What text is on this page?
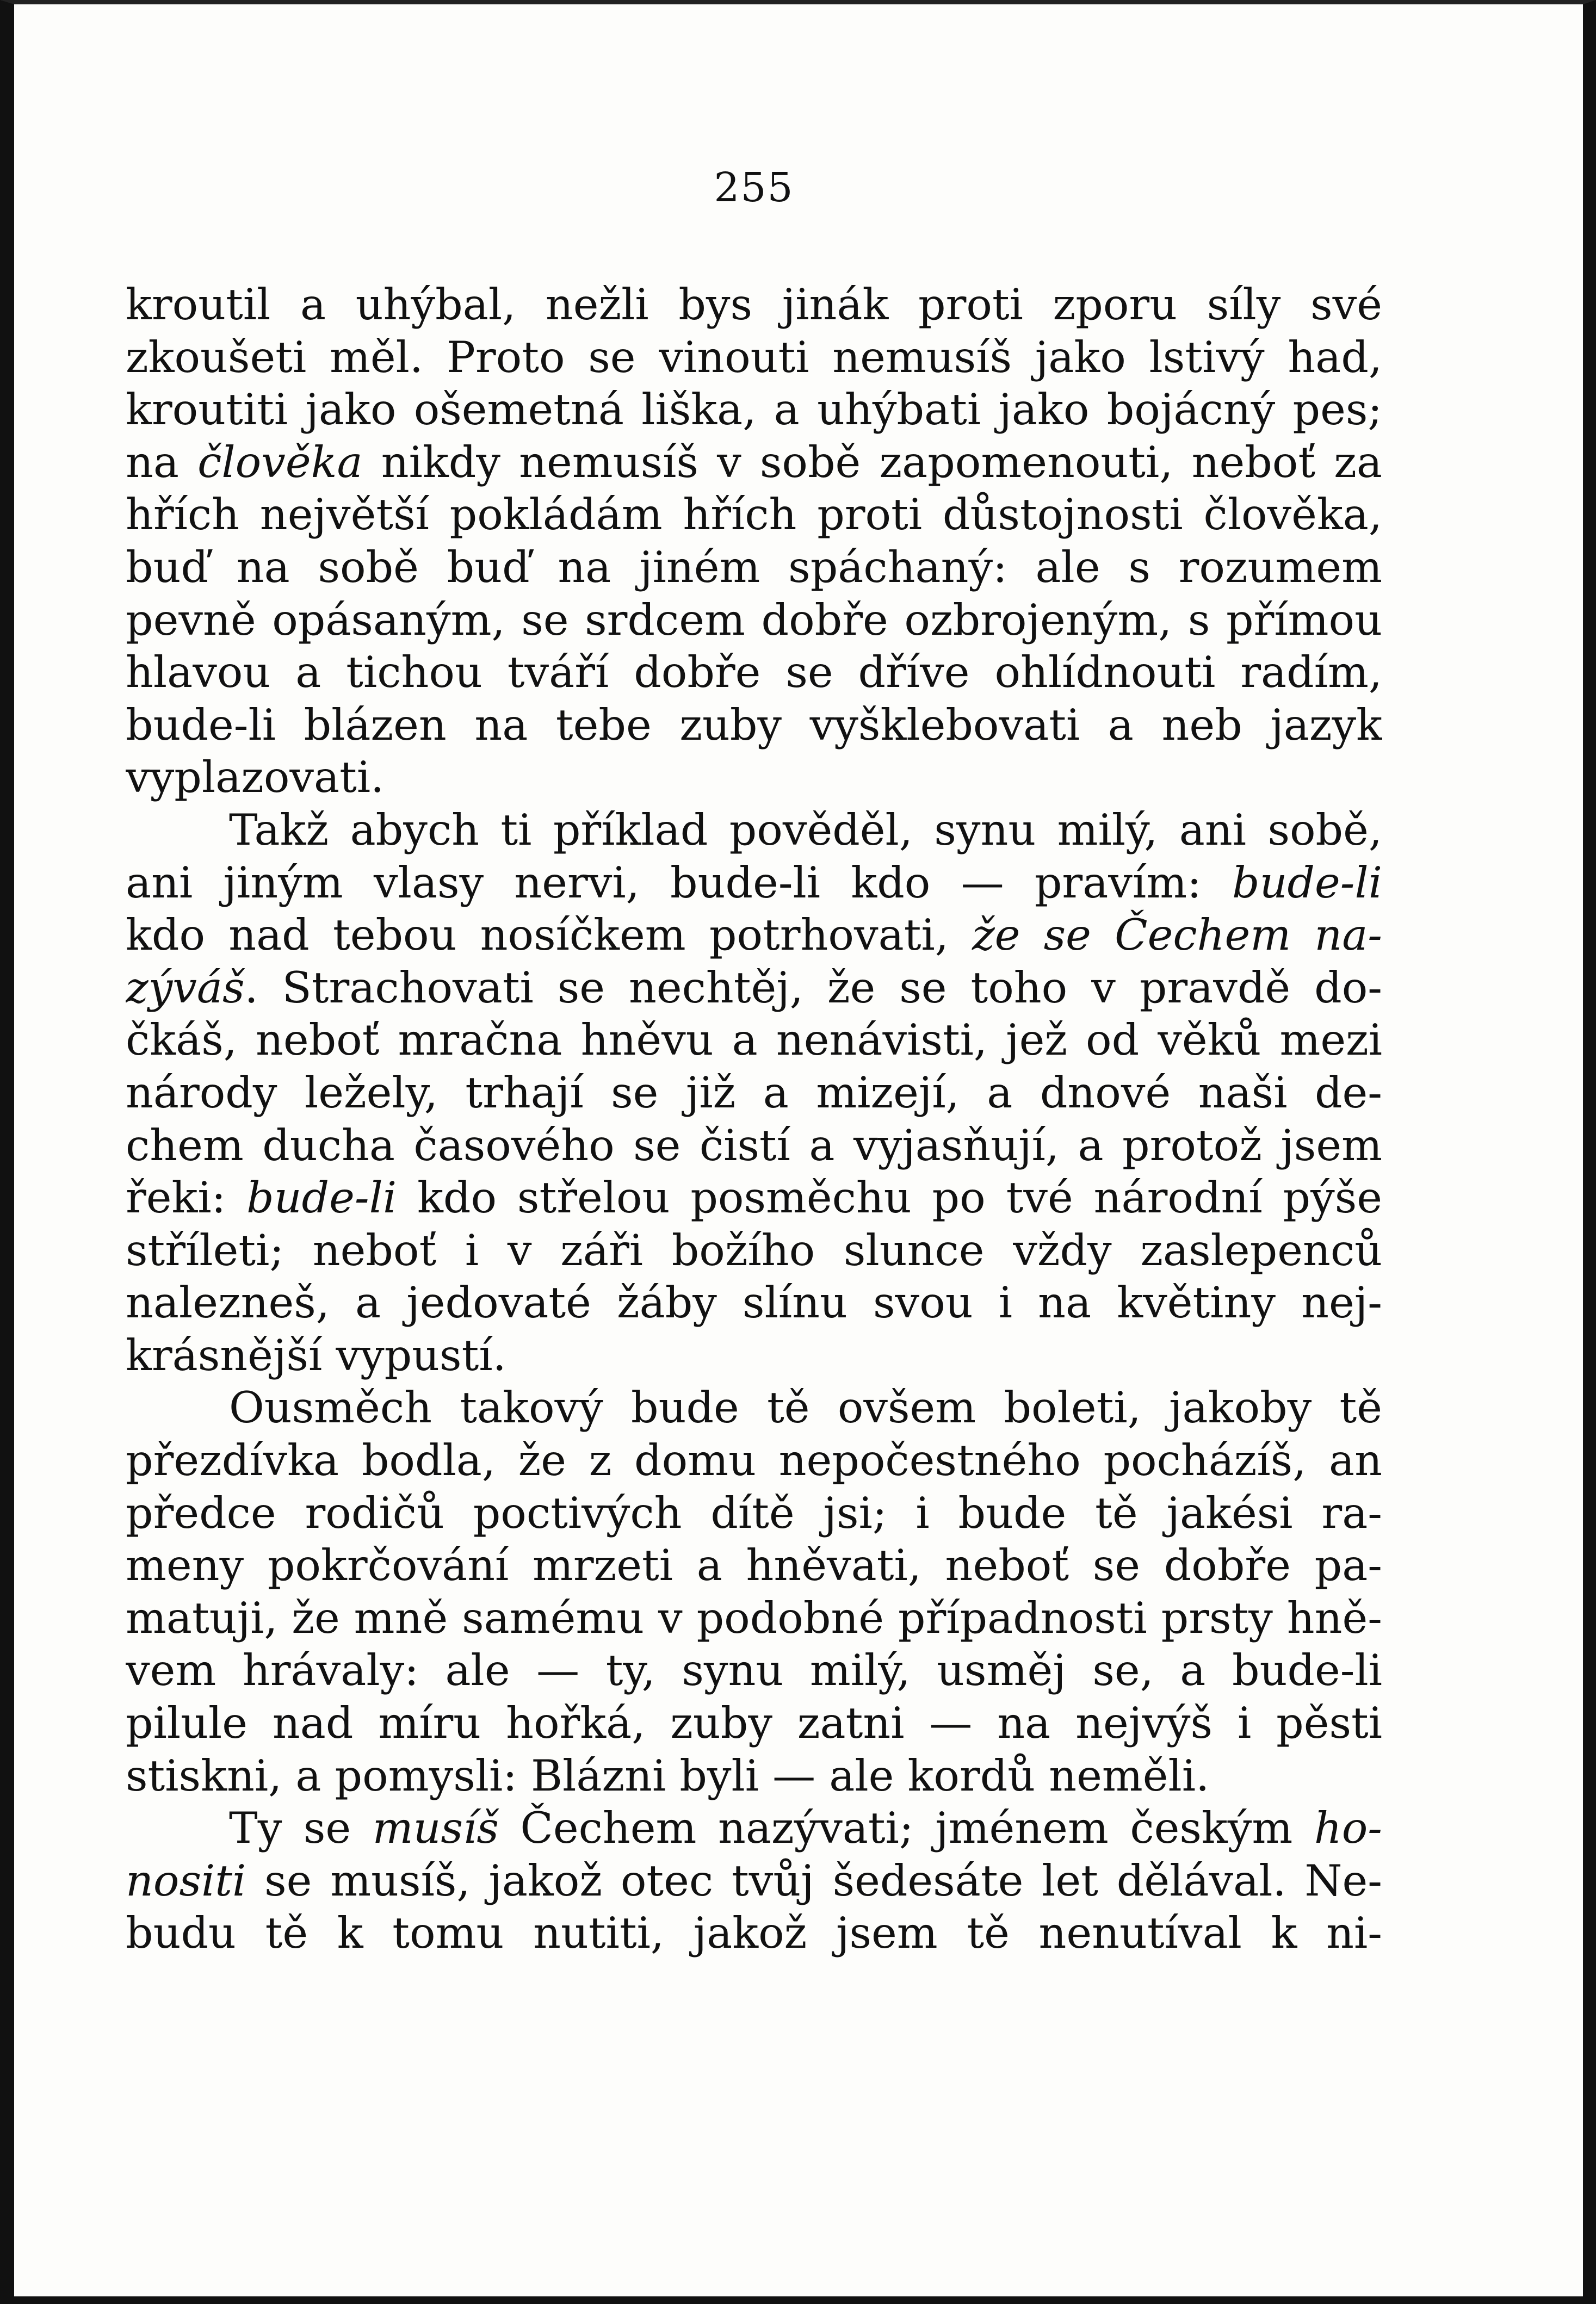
255
kroutil a uhýbal, nežli bys jinák proti zporu síly své
zkoušeti měl. Proto se vinouti nemusíš jako lstivý had,
kroutiti jako ošemetná liška, a uhýbati jako bojácný pes;
na člověka nikdy nemusíš v sobě zapomenouti, neboť za
hřích největší pokládám hřích proti důstojnosti člověka,
buď na sobě buď na jiném spáchaný: ale s rozumem
pevně opásaným, se srdcem dobře ozbrojeným, s přímou
hlavou a tichou tváří dobře se dříve ohlídnouti radím,
bude-li blázen na tebe zuby vyšklebovati a neb jazyk
vyplazovati.
Takž abych ti příklad pověděl, synu milý, ani sobě,
ani jiným vlasy nervi, bude-li kdo — pravím: bude-li
kdo nad tebou nosíčkem potrhovati, že se Čechem na-
zýváš. Strachovati se nechtěj, že se toho v pravdě do-
čkáš, neboť mračna hněvu a nenávisti, jež od věků mezi
národy ležely, trhají se již a mizejí, a dnové naši de-
chem ducha časového se čistí a vyjasňují, a protož jsem
řeki: bude-li kdo střelou posměchu po tvé národní pýše
stříleti; neboť i v záři božího slunce vždy zaslepenců
nalezneš, a jedovaté žáby slínu svou i na květiny nej-
krásnější vypustí.
Ousměch takový bude tě ovšem boleti, jakoby tě
přezdívka bodla, že z domu nepočestného pocházíš, an
předce rodičů poctivých dítě jsi; i bude tě jakési ra-
meny pokrčování mrzeti a hněvati, neboť se dobře pa-
matuji, že mně samému v podobné případnosti prsty hně-
vem hrávaly: ale — ty, synu milý, usměj se, a bude-li
pilule nad míru hořká, zuby zatni — na nejvýš i pěsti
stiskni, a pomysli: Blázni byli — ale kordů neměli.
Ty se musíš Čechem nazývati; jménem českým ho-
nositi se musíš, jakož otec tvůj šedesáte let dělával. Ne-
budu tě k tomu nutiti, jakož jsem tě nenutíval k ni-
